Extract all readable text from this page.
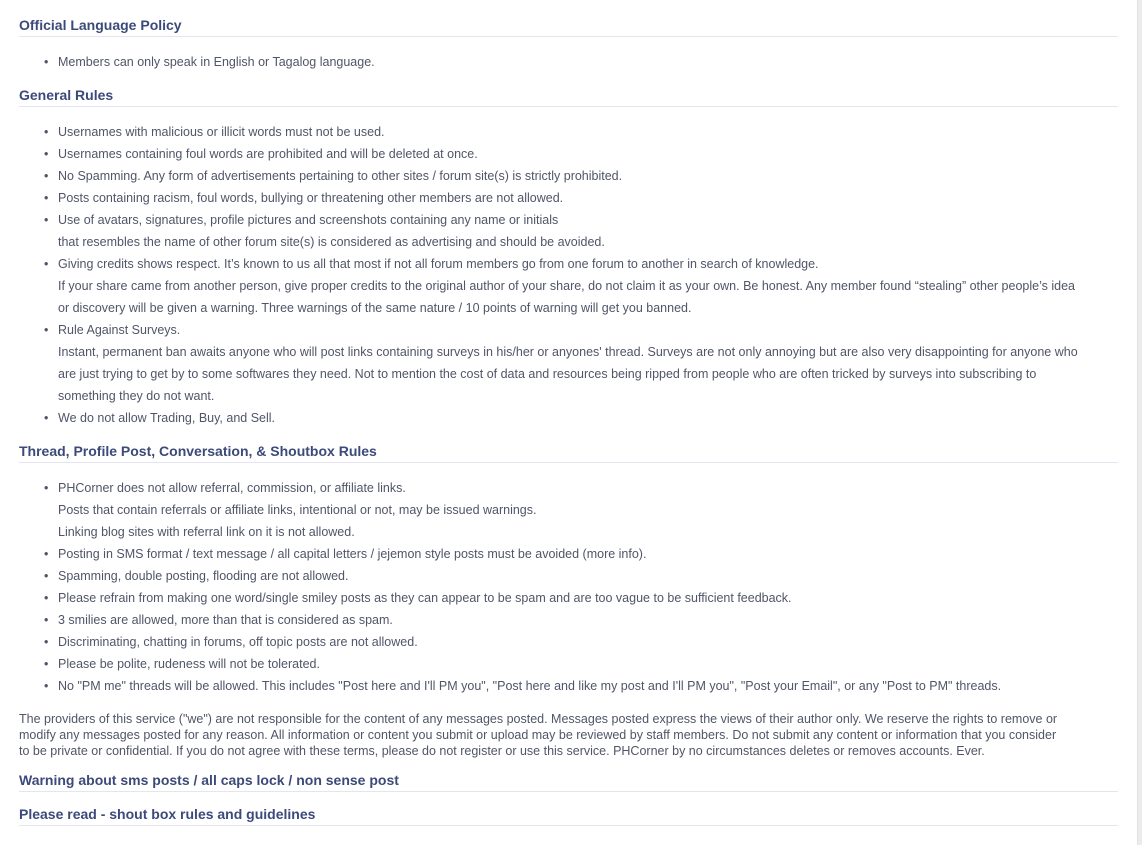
Official Language Policy
• Members can only speak in English or Tagalog language.
General Rules
• Usernames with malicious or illicit words must not be used.
• Usernames containing foul words are prohibited and will be deleted at once.
• No Spamming. Any form of advertisements pertaining to other sites / forum site(s) is strictly prohibited.
• Posts containing racism, foul words, bullying or threatening other members are not allowed.
• Use of avatars, signatures, profile pictures and screenshots containing any name or initials
that resembles the name of other forum site(s) is considered as advertising and should be avoided.
• Giving credits shows respect. It’s known to us all that most if not all forum members go from one forum to another in search of knowledge.
If your share came from another person, give proper credits to the original author of your share, do not claim it as your own. Be honest. Any member found “stealing” other people’s idea
or discovery will be given a warning. Three warnings of the same nature / 10 points of warning will get you banned.
• Rule Against Surveys.
Instant, permanent ban awaits anyone who will post links containing surveys in his/her or anyones' thread. Surveys are not only annoying but are also very disappointing for anyone who
are just trying to get by to some softwares they need. Not to mention the cost of data and resources being ripped from people who are often tricked by surveys into subscribing to
something they do not want.
• We do not allow Trading, Buy, and Sell.
Thread, Profile Post, Conversation, & Shoutbox Rules
• PHCorner does not allow referral, commission, or affiliate links.
Posts that contain referrals or affiliate links, intentional or not, may be issued warnings.
Linking blog sites with referral link on it is not allowed.
• Posting in SMS format / text message / all capital letters / jejemon style posts must be avoided (more info).
• Spamming, double posting, flooding are not allowed.
• Please refrain from making one word/single smiley posts as they can appear to be spam and are too vague to be sufficient feedback.
• 3 smilies are allowed, more than that is considered as spam.
• Discriminating, chatting in forums, off topic posts are not allowed.
• Please be polite, rudeness will not be tolerated.
• No "PM me" threads will be allowed. This includes "Post here and I'll PM you", "Post here and like my post and I'll PM you", "Post your Email", or any "Post to PM" threads.
The providers of this service ("we") are not responsible for the content of any messages posted. Messages posted express the views of their author only. We reserve the rights to remove or
modify any messages posted for any reason. All information or content you submit or upload may be reviewed by staff members. Do not submit any content or information that you consider
to be private or confidential. If you do not agree with these terms, please do not register or use this service. PHCorner by no circumstances deletes or removes accounts. Ever.
Warning about sms posts / all caps lock / non sense post
Please read - shout box rules and guidelines
